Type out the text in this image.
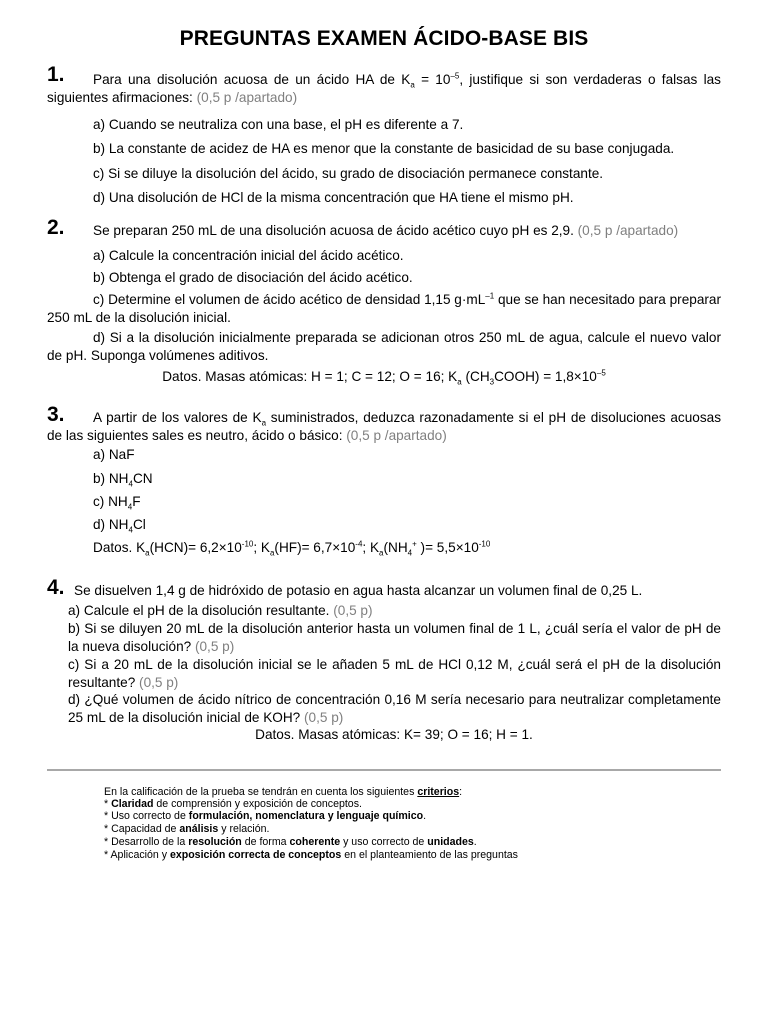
PREGUNTAS EXAMEN ÁCIDO-BASE BIS
1.	Para una disolución acuosa de un ácido HA de $K_a = 10^{-5}$, justifique si son verdaderas o falsas las siguientes afirmaciones: (0,5 p /apartado)
a) Cuando se neutraliza con una base, el pH es diferente a 7.
b) La constante de acidez de HA es menor que la constante de basicidad de su base conjugada.
c) Si se diluye la disolución del ácido, su grado de disociación permanece constante.
d) Una disolución de HCl de la misma concentración que HA tiene el mismo pH.
2. Se preparan 250 mL de una disolución acuosa de ácido acético cuyo pH es 2,9. (0,5 p /apartado)
a) Calcule la concentración inicial del ácido acético.
b) Obtenga el grado de disociación del ácido acético.
c) Determine el volumen de ácido acético de densidad 1,15 $g\cdot mL^{-1}$ que se han necesitado para preparar 250 mL de la disolución inicial.
d) Si a la disolución inicialmente preparada se adicionan otros 250 mL de agua, calcule el nuevo valor de pH. Suponga volúmenes aditivos.
Datos. Masas atómicas: H = 1; C = 12; O = 16; $K_a$ $(CH_3COOH) = 1,8\times 10^{-5}$
3.	A partir de los valores de $K_a$ suministrados, deduzca razonadamente si el pH de disoluciones acuosas de las siguientes sales es neutro, ácido o básico: (0,5 p /apartado)
a) NaF
b) $NH_4CN$
c) $NH_4F$
d) $NH_4Cl$
Datos. $K_a(HCN)= 6,2\times 10^{-10}$; $K_a(HF)= 6,7\times 10^{-4}$; $K_a(NH_4^+$ )= $5,5\times 10^{-10}$
4. Se disuelven 1,4 g de hidróxido de potasio en agua hasta alcanzar un volumen final de 0,25 L.
a) Calcule el pH de la disolución resultante. (0,5 p)
b) Si se diluyen 20 mL de la disolución anterior hasta un volumen final de 1 L, ¿cuál sería el valor de pH de la nueva disolución? (0,5 p)
c) Si a 20 mL de la disolución inicial se le añaden 5 mL de HCl 0,12 M, ¿cuál será el pH de la disolución resultante? (0,5 p)
d) ¿Qué volumen de ácido nítrico de concentración 0,16 M sería necesario para neutralizar completamente 25 mL de la disolución inicial de KOH? (0,5 p)
Datos. Masas atómicas: K= 39; O = 16; H = 1.
En la calificación de la prueba se tendrán en cuenta los siguientes criterios:
* Claridad de comprensión y exposición de conceptos.
* Uso correcto de formulación, nomenclatura y lenguaje químico.
* Capacidad de análisis y relación.
* Desarrollo de la resolución de forma coherente y uso correcto de unidades.
* Aplicación y exposición correcta de conceptos en el planteamiento de las preguntas
